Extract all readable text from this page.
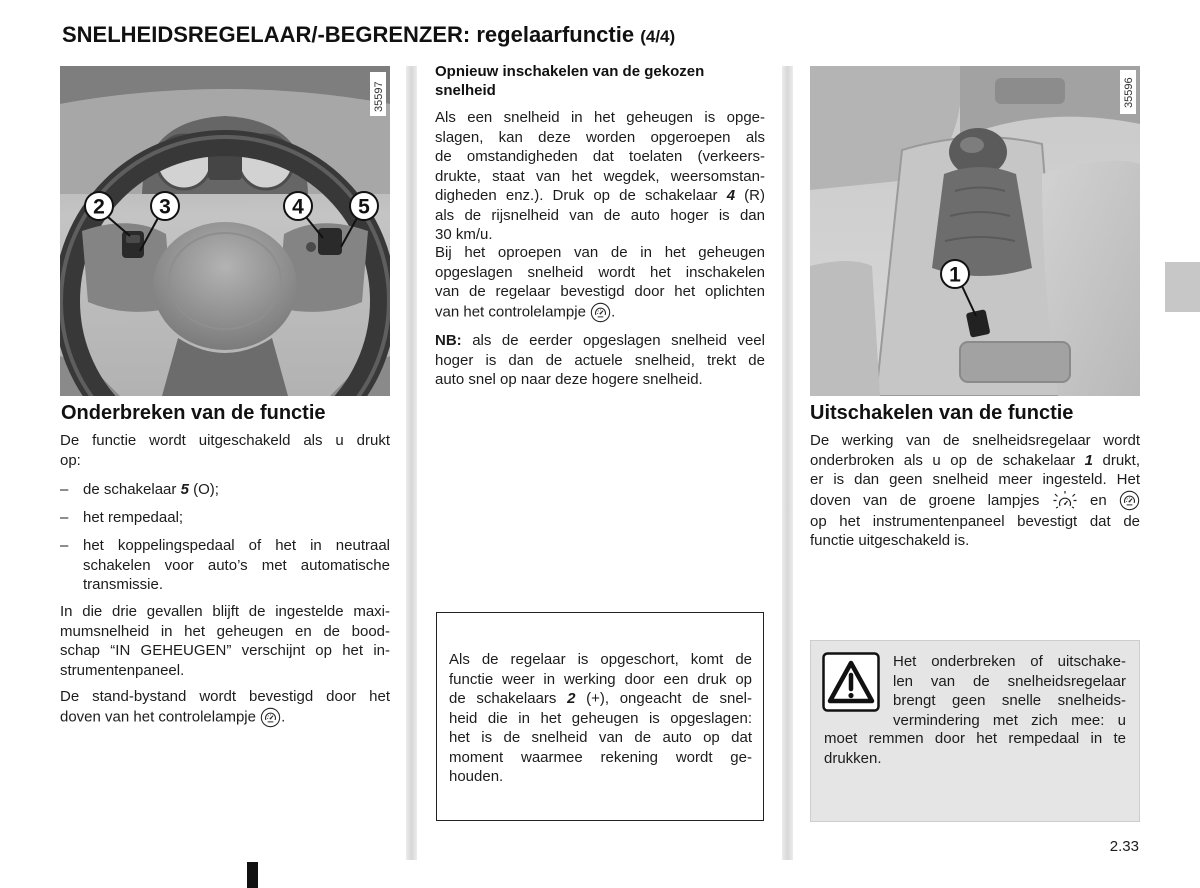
SNELHEIDSREGELAAR/-BEGRENZER: regelaarfunctie (4/4)
2	3	4	5
35597
1
35596
Onderbreken van de functie
De functie wordt uitgeschakeld als u drukt
op:
– de schakelaar 5 (O);
– het rempedaal;
– het koppelingspedaal of het in neutraal
schakelen voor auto’s met automatische
transmissie.
In die drie gevallen blijft de ingestelde maxi-
mumsnelheid in het geheugen en de bood-
schap “IN GEHEUGEN” verschijnt op het in-
strumentenpaneel.
De stand-bystand wordt bevestigd door het
doven van het controlelampje
.
Opnieuw inschakelen van de gekozen
snelheid
Als een snelheid in het geheugen is opge-
slagen, kan deze worden opgeroepen als
de omstandigheden dat toelaten (verkeers-
drukte, staat van het wegdek, weersomstan-
digheden enz.). Druk op de schakelaar 4 (R)
als de rijsnelheid van de auto hoger is dan
30 km/u.
Bij het oproepen van de in het geheugen
opgeslagen snelheid wordt het inschakelen
van de regelaar bevestigd door het oplichten
van het controlelampje
.
NB: als de eerder opgeslagen snelheid veel
hoger is dan de actuele snelheid, trekt de
auto snel op naar deze hogere snelheid.
Als de regelaar is opgeschort, komt de
functie weer in werking door een druk op
de schakelaars 2 (+), ongeacht de snel-
heid die in het geheugen is opgeslagen:
het is de snelheid van de auto op dat
moment waarmee rekening wordt ge-
houden.
Uitschakelen van de functie
De werking van de snelheidsregelaar wordt
onderbroken als u op de schakelaar 1 drukt,
er is dan geen snelheid meer ingesteld. Het
doven van de groene lampjes
en
op het instrumentenpaneel bevestigt dat de
functie uitgeschakeld is.
Het onderbreken of uitschake-
len van de snelheidsregelaar
brengt geen snelle snelheids-
vermindering met zich mee: u
moet remmen door het rempedaal in te
drukken.
2.33
